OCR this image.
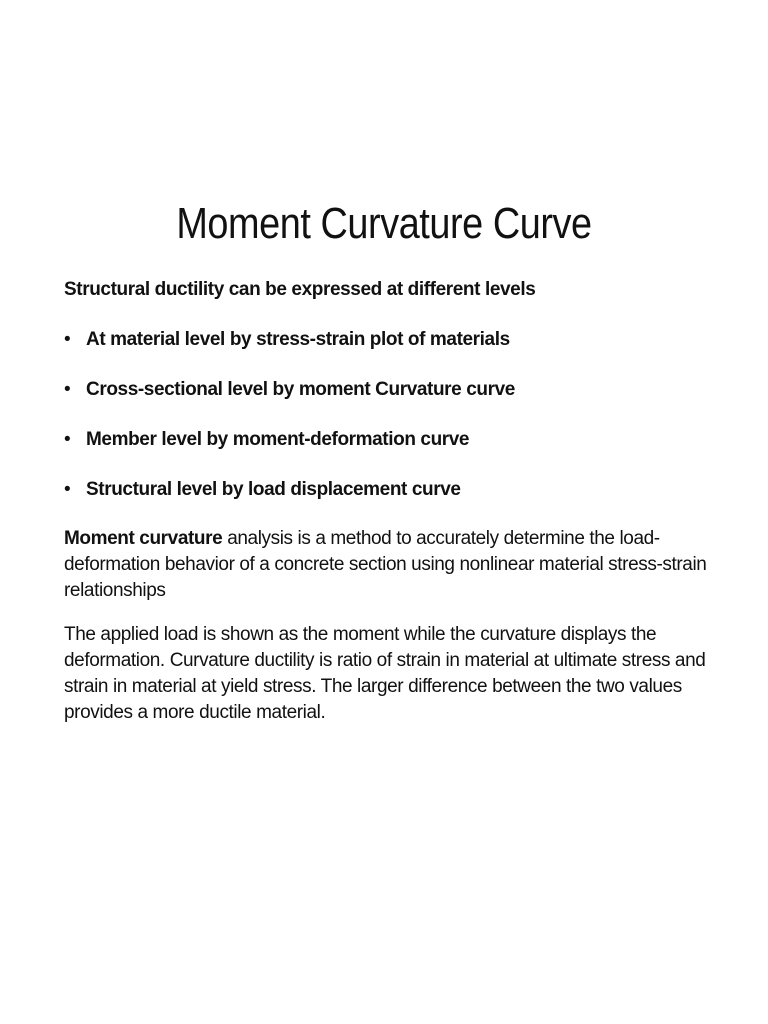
Moment Curvature Curve

Structural ductility can be expressed at different levels

• At material level by stress-strain plot of materials
• Cross-sectional level by moment Curvature curve
• Member level by moment-deformation curve
• Structural level by load displacement curve

Moment curvature analysis is a method to accurately determine the load-deformation behavior of a concrete section using nonlinear material stress-strain relationships

The applied load is shown as the moment while the curvature displays the deformation. Curvature ductility is ratio of strain in material at ultimate stress and strain in material at yield stress. The larger difference between the two values provides a more ductile material.
